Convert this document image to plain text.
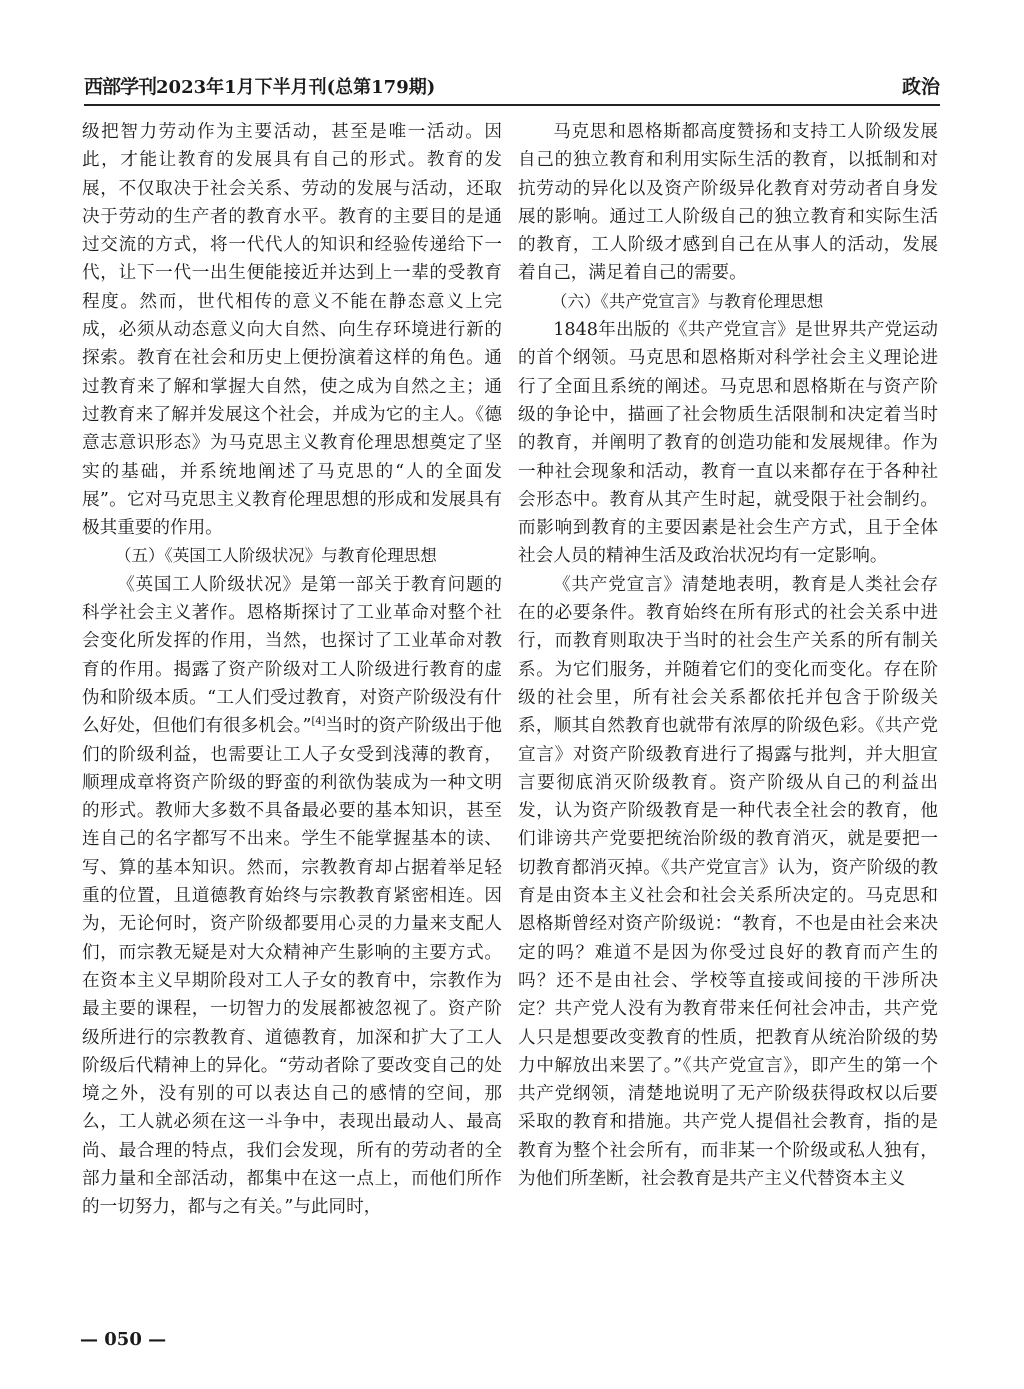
西部学刊2023年1月下半月刊(总第179期)	政治

级把智力劳动作为主要活动，甚至是唯一活动。因此，才能让教育的发展具有自己的形式。教育的发展，不仅取决于社会关系、劳动的发展与活动，还取决于劳动的生产者的教育水平。教育的主要目的是通过交流的方式，将一代代人的知识和经验传递给下一代，让下一代一出生便能接近并达到上一辈的受教育程度。然而，世代相传的意义不能在静态意义上完成，必须从动态意义向大自然、向生存环境进行新的探索。教育在社会和历史上便扮演着这样的角色。通过教育来了解和掌握大自然，使之成为自然之主；通过教育来了解并发展这个社会，并成为它的主人。《德意志意识形态》为马克思主义教育伦理思想奠定了坚实的基础，并系统地阐述了马克思的“人的全面发展”。它对马克思主义教育伦理思想的形成和发展具有极其重要的作用。

（五）《英国工人阶级状况》与教育伦理思想

《英国工人阶级状况》是第一部关于教育问题的科学社会主义著作。恩格斯探讨了工业革命对整个社会变化所发挥的作用，当然，也探讨了工业革命对教育的作用。揭露了资产阶级对工人阶级进行教育的虚伪和阶级本质。“工人们受过教育，对资产阶级没有什么好处，但他们有很多机会。”[4]当时的资产阶级出于他们的阶级利益，也需要让工人子女受到浅薄的教育，顺理成章将资产阶级的野蛮的利欲伪装成为一种文明的形式。教师大多数不具备最必要的基本知识，甚至连自己的名字都写不出来。学生不能掌握基本的读、写、算的基本知识。然而，宗教教育却占据着举足轻重的位置，且道德教育始终与宗教教育紧密相连。因为，无论何时，资产阶级都要用心灵的力量来支配人们，而宗教无疑是对大众精神产生影响的主要方式。在资本主义早期阶段对工人子女的教育中，宗教作为最主要的课程，一切智力的发展都被忽视了。资产阶级所进行的宗教教育、道德教育，加深和扩大了工人阶级后代精神上的异化。“劳动者除了要改变自己的处境之外，没有别的可以表达自己的感情的空间，那么，工人就必须在这一斗争中，表现出最动人、最高尚、最合理的特点，我们会发现，所有的劳动者的全部力量和全部活动，都集中在这一点上，而他们所作的一切努力，都与之有关。”与此同时，

马克思和恩格斯都高度赞扬和支持工人阶级发展自己的独立教育和利用实际生活的教育，以抵制和对抗劳动的异化以及资产阶级异化教育对劳动者自身发展的影响。通过工人阶级自己的独立教育和实际生活的教育，工人阶级才感到自己在从事人的活动，发展着自己，满足着自己的需要。

（六）《共产党宣言》与教育伦理思想

1848年出版的《共产党宣言》是世界共产党运动的首个纲领。马克思和恩格斯对科学社会主义理论进行了全面且系统的阐述。马克思和恩格斯在与资产阶级的争论中，描画了社会物质生活限制和决定着当时的教育，并阐明了教育的创造功能和发展规律。作为一种社会现象和活动，教育一直以来都存在于各种社会形态中。教育从其产生时起，就受限于社会制约。而影响到教育的主要因素是社会生产方式，且于全体社会人员的精神生活及政治状况均有一定影响。

《共产党宣言》清楚地表明，教育是人类社会存在的必要条件。教育始终在所有形式的社会关系中进行，而教育则取决于当时的社会生产关系的所有制关系。为它们服务，并随着它们的变化而变化。存在阶级的社会里，所有社会关系都依托并包含于阶级关系，顺其自然教育也就带有浓厚的阶级色彩。《共产党宣言》对资产阶级教育进行了揭露与批判，并大胆宣言要彻底消灭阶级教育。资产阶级从自己的利益出发，认为资产阶级教育是一种代表全社会的教育，他们诽谤共产党要把统治阶级的教育消灭，就是要把一切教育都消灭掉。《共产党宣言》认为，资产阶级的教育是由资本主义社会和社会关系所决定的。马克思和恩格斯曾经对资产阶级说：“教育，不也是由社会来决定的吗？难道不是因为你受过良好的教育而产生的吗？还不是由社会、学校等直接或间接的干涉所决定？共产党人没有为教育带来任何社会冲击，共产党人只是想要改变教育的性质，把教育从统治阶级的势力中解放出来罢了。”《共产党宣言》，即产生的第一个共产党纲领，清楚地说明了无产阶级获得政权以后要采取的教育和措施。共产党人提倡社会教育，指的是教育为整个社会所有，而非某一个阶级或私人独有，为他们所垄断，社会教育是共产主义代替资本主义

— 050 —
